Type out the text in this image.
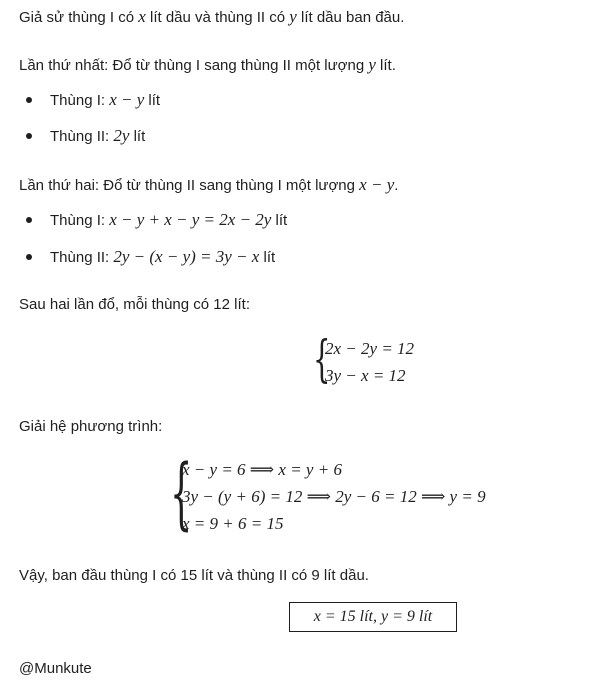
Giả sử thùng I có x lít dầu và thùng II có y lít dầu ban đầu.
Lần thứ nhất: Đổ từ thùng I sang thùng II một lượng y lít.
Thùng I: x − y lít
Thùng II: 2y lít
Lần thứ hai: Đổ từ thùng II sang thùng I một lượng x − y.
Thùng I: x − y + x − y = 2x − 2y lít
Thùng II: 2y − (x − y) = 3y − x lít
Sau hai lần đổ, mỗi thùng có 12 lít:
{
2x − 2y = 12
3y − x = 12
Giải hệ phương trình:
{
x − y = 6 ⟹ x = y + 6
3y − (y + 6) = 12 ⟹ 2y − 6 = 12 ⟹ y = 9
x = 9 + 6 = 15
Vậy, ban đầu thùng I có 15 lít và thùng II có 9 lít dầu.
x = 15 lít, y = 9 lít
@Munkute
